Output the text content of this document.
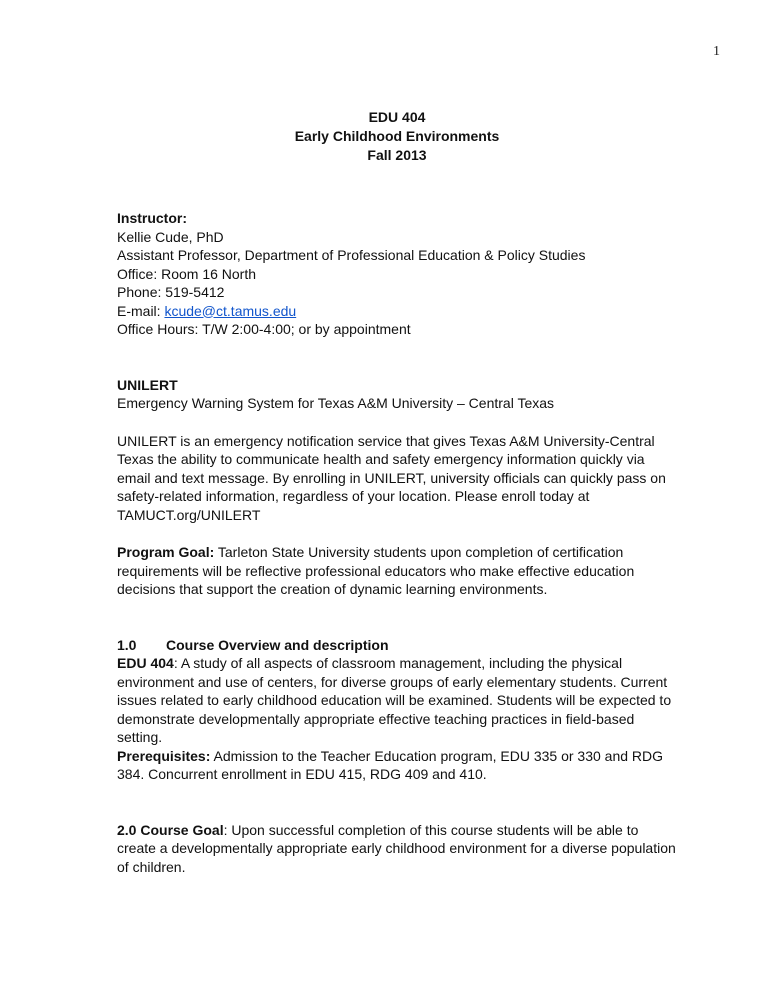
1
EDU 404
Early Childhood Environments
Fall 2013
Instructor:
Kellie Cude, PhD
Assistant Professor, Department of Professional Education & Policy Studies
Office: Room 16 North
Phone: 519-5412
E-mail: kcude@ct.tamus.edu
Office Hours: T/W 2:00-4:00; or by appointment
UNILERT
Emergency Warning System for Texas A&M University – Central Texas

UNILERT is an emergency notification service that gives Texas A&M University-Central Texas the ability to communicate health and safety emergency information quickly via email and text message. By enrolling in UNILERT, university officials can quickly pass on safety-related information, regardless of your location. Please enroll today at TAMUCT.org/UNILERT

Program Goal: Tarleton State University students upon completion of certification requirements will be reflective professional educators who make effective education decisions that support the creation of dynamic learning environments.

1.0 Course Overview and description

EDU 404: A study of all aspects of classroom management, including the physical environment and use of centers, for diverse groups of early elementary students. Current issues related to early childhood education will be examined. Students will be expected to demonstrate developmentally appropriate effective teaching practices in field-based setting.

Prerequisites: Admission to the Teacher Education program, EDU 335 or 330 and RDG 384. Concurrent enrollment in EDU 415, RDG 409 and 410.

2.0 Course Goal: Upon successful completion of this course students will be able to create a developmentally appropriate early childhood environment for a diverse population of children.
